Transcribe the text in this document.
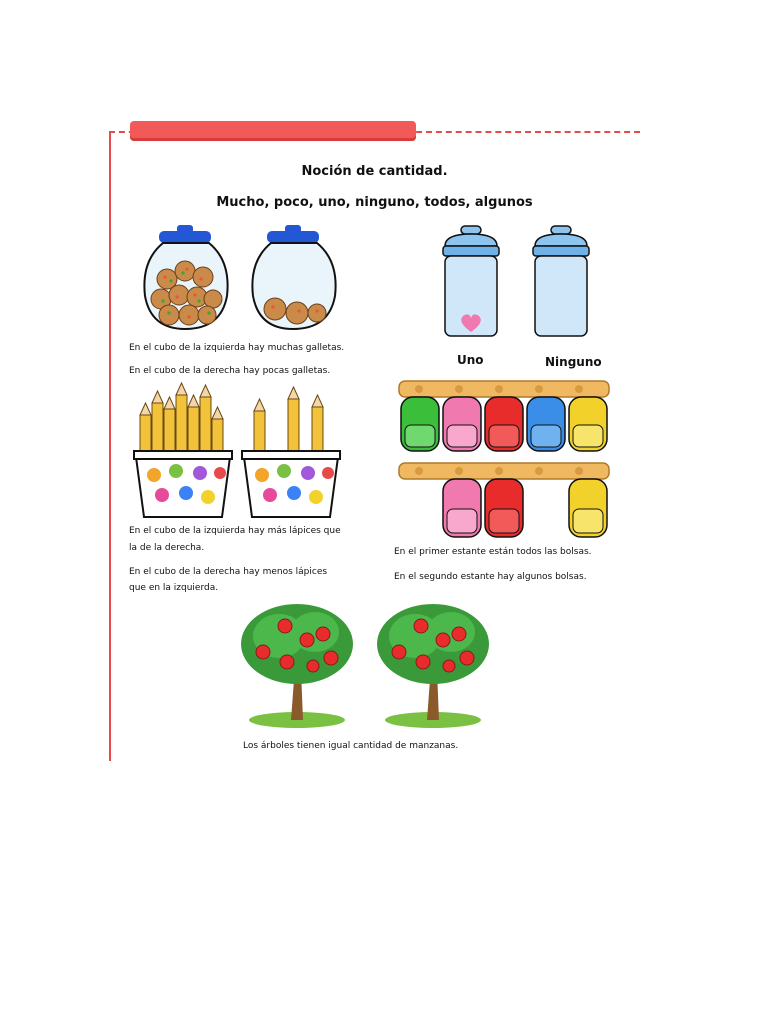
Noción de cantidad.
Mucho, poco, uno, ninguno, todos, algunos
En el cubo de la izquierda hay muchas galletas.
En el cubo de la derecha hay pocas galletas.
Uno	Ninguno
En el cubo de la izquierda hay más lápices que
la de la derecha.
En el cubo de la derecha hay menos lápices
que en la izquierda.
En el primer estante están todos las bolsas.
En el segundo estante hay algunos bolsas.
Los árboles tienen igual cantidad de manzanas.
